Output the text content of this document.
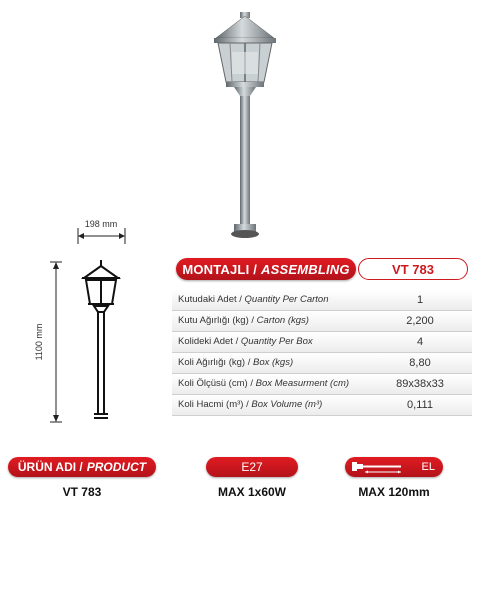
198 mm
1100 mm
MONTAJLI / ASSEMBLING	VT 783
Kutudaki Adet / Quantity Per Carton	1
Kutu Ağırlığı (kg) / Carton (kgs)	2,200
Kolideki Adet / Quantity Per Box	4
Koli Ağırlığı (kg) / Box (kgs)	8,80
Koli Ölçüsü (cm) / Box Measurment (cm)	89x38x33
Koli Hacmi (m³) / Box Volume (m³)	0,111
ÜRÜN ADI / PRODUCT	E27	EL
VT 783	MAX 1x60W	MAX 120mm
